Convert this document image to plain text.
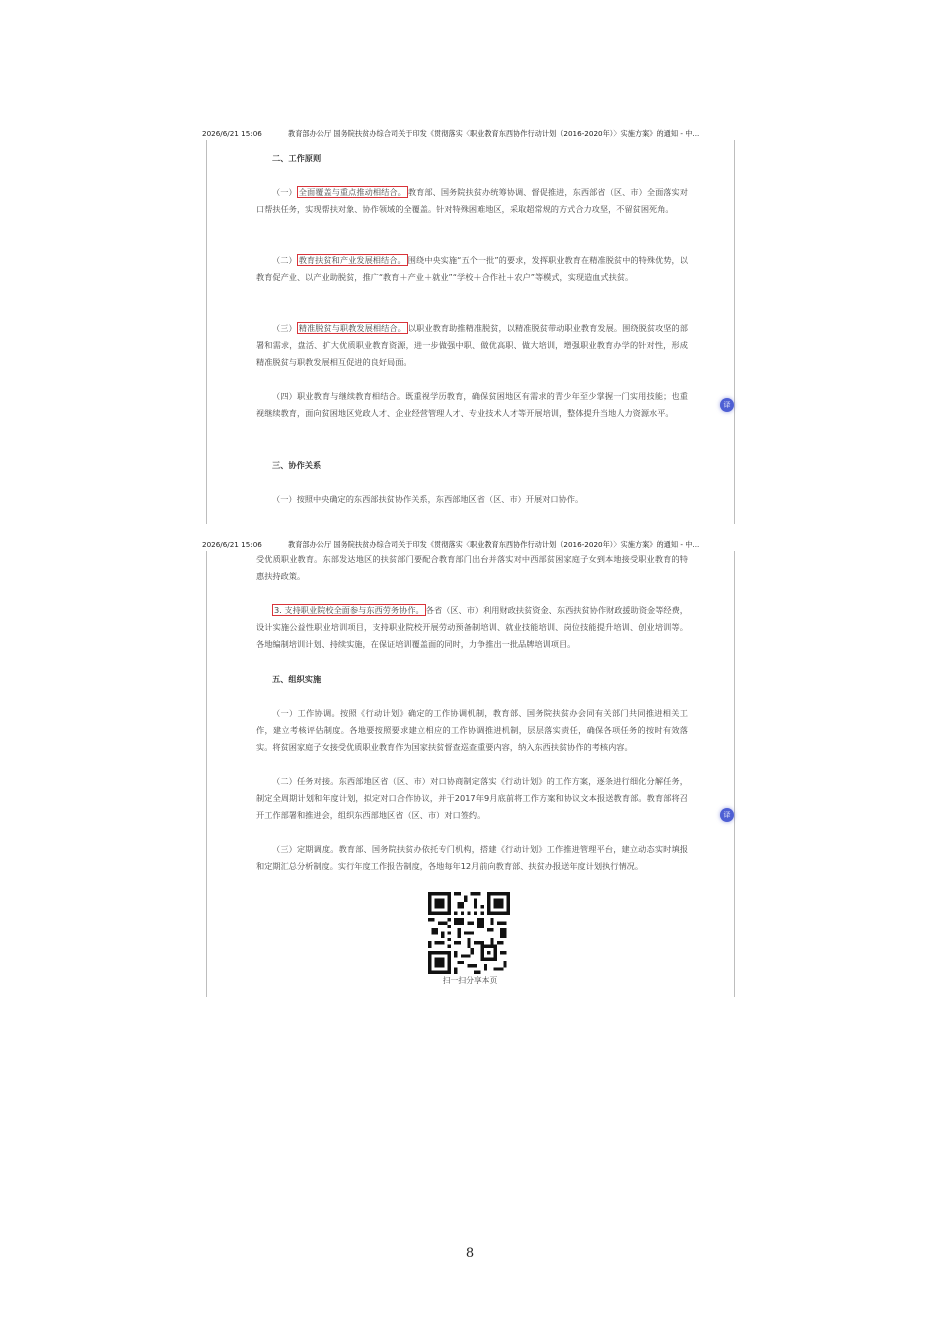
2026/6/21 15:06	教育部办公厅 国务院扶贫办综合司关于印发《贯彻落实〈职业教育东西协作行动计划（2016-2020年）〉实施方案》的通知 - 中...
二、工作原则

（一） 全面覆盖与重点推动相结合。 教育部、国务院扶贫办统筹协调、督促推进，东西部省（区、市）全面落实对口帮扶任务，实现帮扶对象、协作领域的全覆盖。针对特殊困难地区，采取超常规的方式合力攻坚，不留贫困死角。

（二） 教育扶贫和产业发展相结合。 围绕中央实施“五个一批”的要求，发挥职业教育在精准脱贫中的特殊优势，以教育促产业、以产业助脱贫，推广“教育＋产业＋就业”“学校＋合作社＋农户”等模式，实现造血式扶贫。

（三） 精准脱贫与职教发展相结合。 以职业教育助推精准脱贫，以精准脱贫带动职业教育发展。围绕脱贫攻坚的部署和需求，盘活、扩大优质职业教育资源，进一步做强中职、做优高职、做大培训，增强职业教育办学的针对性，形成精准脱贫与职教发展相互促进的良好局面。

（四）职业教育与继续教育相结合。既重视学历教育，确保贫困地区有需求的青少年至少掌握一门实用技能；也重视继续教育，面向贫困地区党政人才、企业经营管理人才、专业技术人才等开展培训，整体提升当地人力资源水平。

三、协作关系

（一）按照中央确定的东西部扶贫协作关系，东西部地区省（区、市）开展对口协作。

译
2026/6/21 15:06	教育部办公厅 国务院扶贫办综合司关于印发《贯彻落实〈职业教育东西协作行动计划（2016-2020年）〉实施方案》的通知 - 中...

受优质职业教育。东部发达地区的扶贫部门要配合教育部门出台并落实对中西部贫困家庭子女到本地接受职业教育的特惠扶持政策。

3. 支持职业院校全面参与东西劳务协作。 各省（区、市）利用财政扶贫资金、东西扶贫协作财政援助资金等经费，设计实施公益性职业培训项目，支持职业院校开展劳动预备制培训、就业技能培训、岗位技能提升培训、创业培训等。各地编制培训计划、持续实施，在保证培训覆盖面的同时，力争推出一批品牌培训项目。

五、组织实施

（一）工作协调。按照《行动计划》确定的工作协调机制，教育部、国务院扶贫办会同有关部门共同推进相关工作，建立考核评估制度。各地要按照要求建立相应的工作协调推进机制，层层落实责任，确保各项任务的按时有效落实。将贫困家庭子女接受优质职业教育作为国家扶贫督查巡查重要内容，纳入东西扶贫协作的考核内容。

（二）任务对接。东西部地区省（区、市）对口协商制定落实《行动计划》的工作方案，逐条进行细化分解任务，制定全周期计划和年度计划，拟定对口合作协议，并于2017年9月底前将工作方案和协议文本报送教育部。教育部将召开工作部署和推进会，组织东西部地区省（区、市）对口签约。

（三）定期调度。教育部、国务院扶贫办依托专门机构，搭建《行动计划》工作推进管理平台，建立动态实时填报和定期汇总分析制度。实行年度工作报告制度，各地每年12月前向教育部、扶贫办报送年度计划执行情况。

扫一扫分享本页
译
8
